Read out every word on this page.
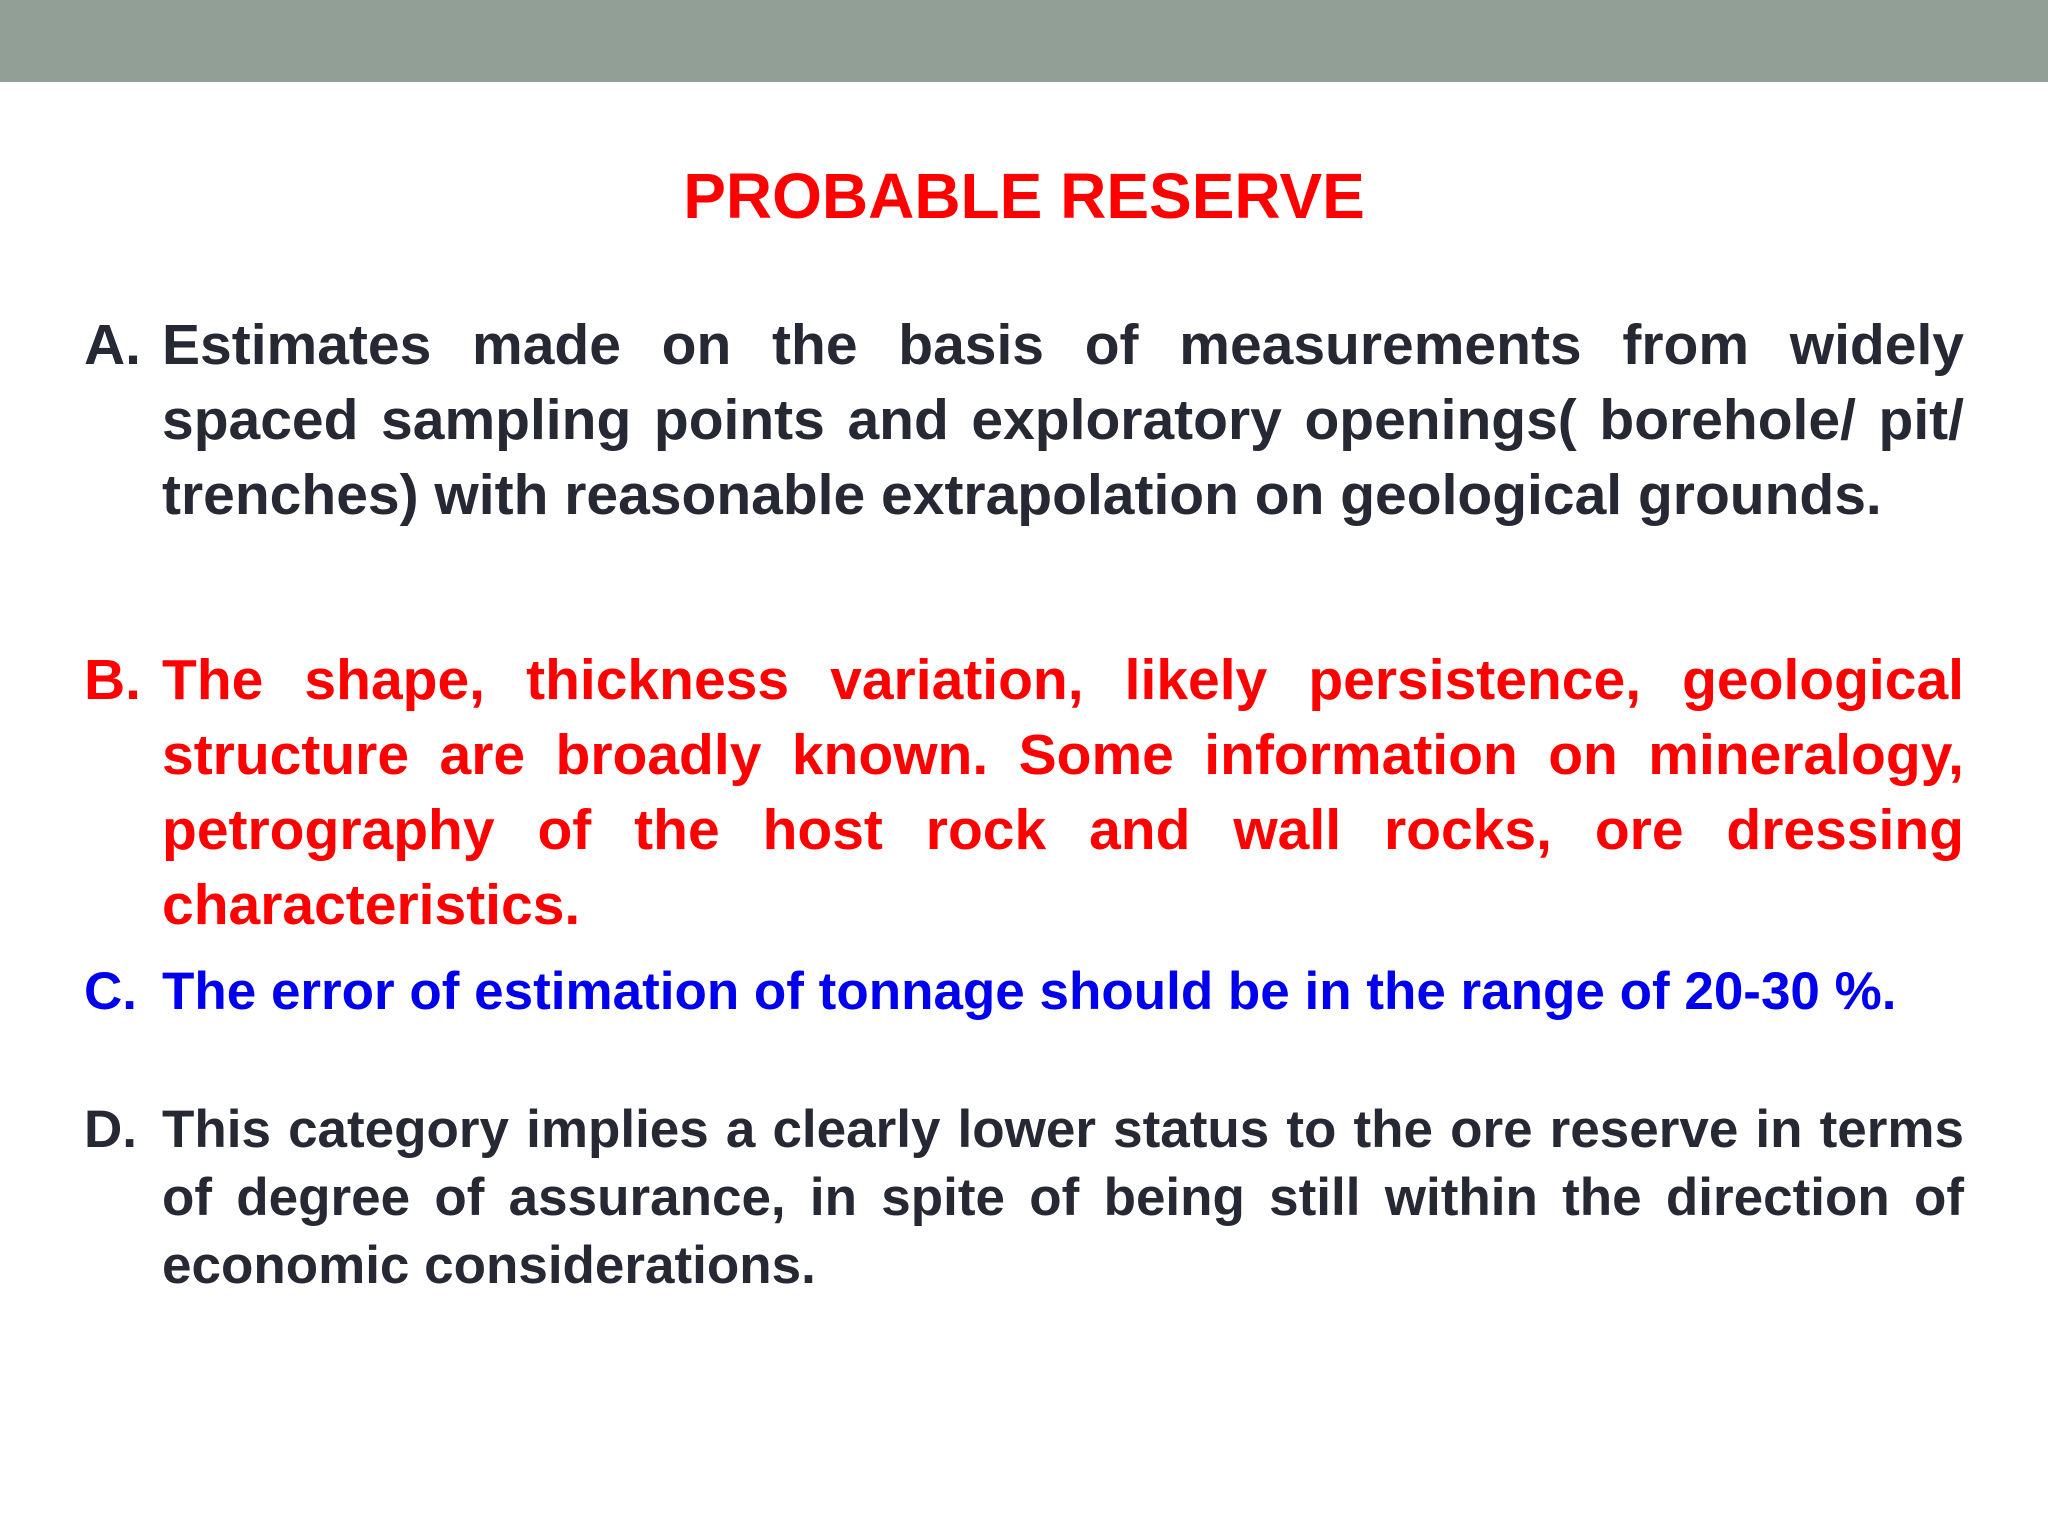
PROBABLE RESERVE
A. Estimates made on the basis of measurements from widely spaced sampling points and exploratory openings( borehole/ pit/ trenches) with reasonable extrapolation on geological grounds.
B. The shape, thickness variation, likely persistence, geological structure are broadly known. Some information on mineralogy, petrography of the host rock and wall rocks, ore dressing characteristics.
C. The error of estimation of tonnage should be in the range of 20-30 %.
D. This category implies a clearly lower status to the ore reserve in terms of degree of assurance, in spite of being still within the direction of economic considerations.
